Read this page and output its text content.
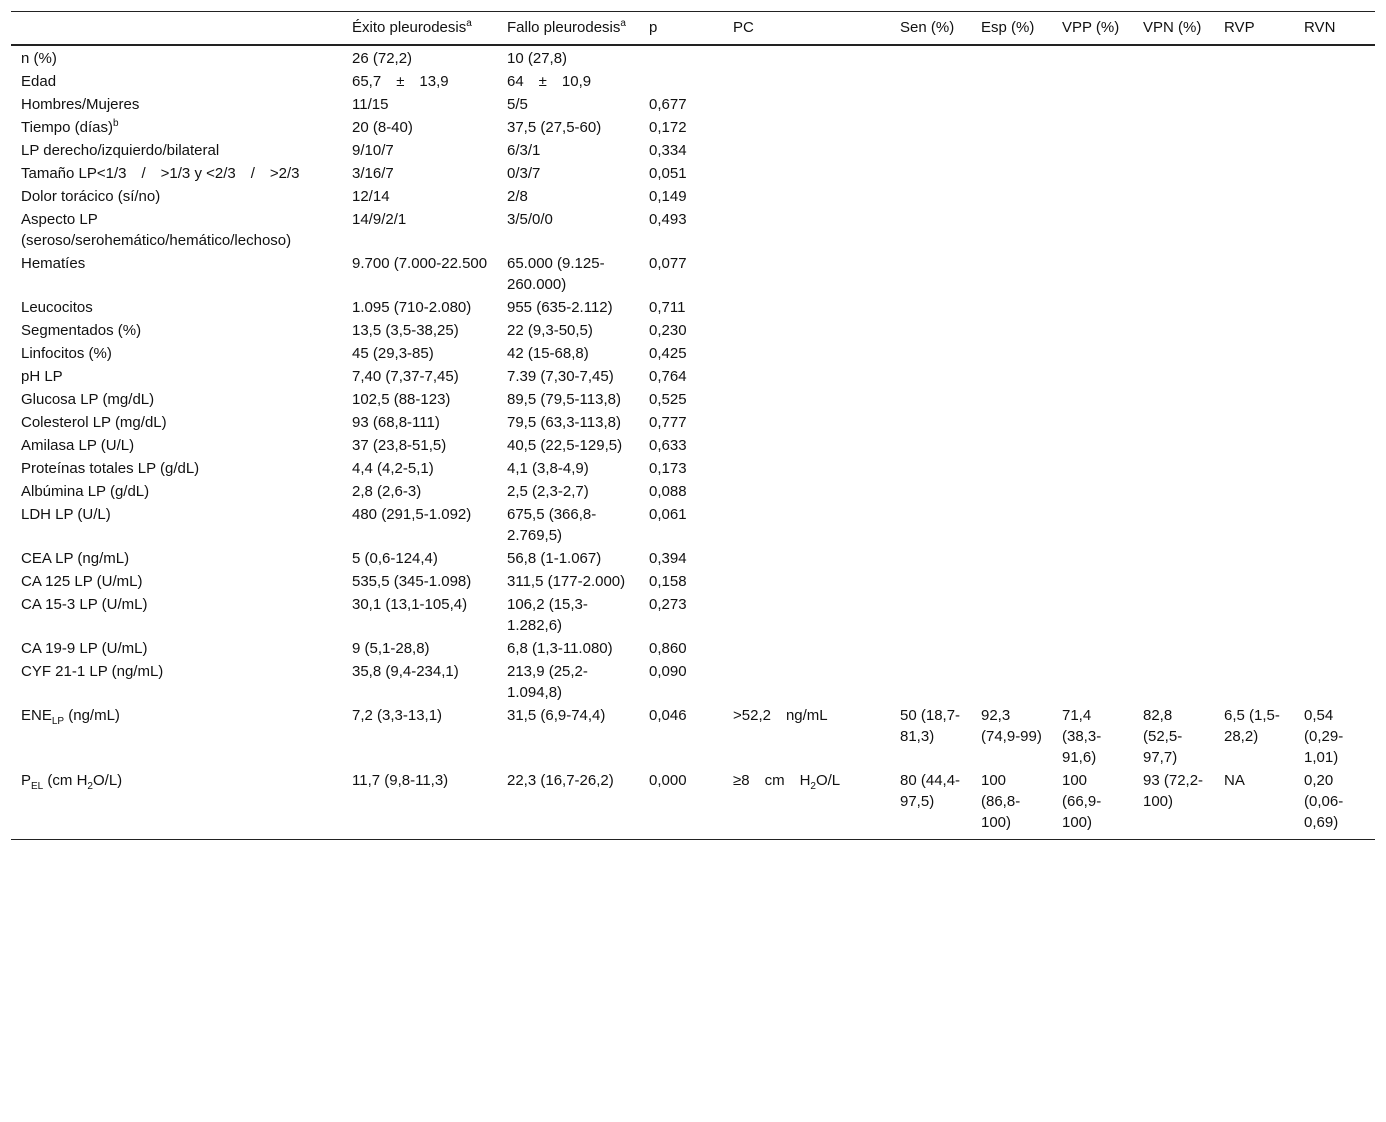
	Éxito pleurodesis$^a$	Fallo pleurodesis$^a$	p	PC	Sen (%)	Esp (%)	VPP (%)	VPN (%)	RVP	RVN
n (%)	26 (72,2)	10 (27,8)								
Edad	65,7 ± 13,9	64 ± 10,9								
Hombres/Mujeres	11/15	5/5	0,677							
Tiempo (días)$^b$	20 (8-40)	37,5 (27,5-60)	0,172							
LP derecho/izquierdo/bilateral	9/10/7	6/3/1	0,334							
Tamaño LP<1/3 / >1/3 y <2/3 / >2/3	3/16/7	0/3/7	0,051							
Dolor torácico (sí/no)	12/14	2/8	0,149							
Aspecto LP (seroso/serohemático/hemático/lechoso)	14/9/2/1	3/5/0/0	0,493							
Hematíes	9.700 (7.000-22.500	65.000 (9.125-260.000)	0,077							
Leucocitos	1.095 (710-2.080)	955 (635-2.112)	0,711							
Segmentados (%)	13,5 (3,5-38,25)	22 (9,3-50,5)	0,230							
Linfocitos (%)	45 (29,3-85)	42 (15-68,8)	0,425							
pH LP	7,40 (7,37-7,45)	7.39 (7,30-7,45)	0,764							
Glucosa LP (mg/dL)	102,5 (88-123)	89,5 (79,5-113,8)	0,525							
Colesterol LP (mg/dL)	93 (68,8-111)	79,5 (63,3-113,8)	0,777							
Amilasa LP (U/L)	37 (23,8-51,5)	40,5 (22,5-129,5)	0,633							
Proteínas totales LP (g/dL)	4,4 (4,2-5,1)	4,1 (3,8-4,9)	0,173							
Albúmina LP (g/dL)	2,8 (2,6-3)	2,5 (2,3-2,7)	0,088							
LDH LP (U/L)	480 (291,5-1.092)	675,5 (366,8-2.769,5)	0,061							
CEA LP (ng/mL)	5 (0,6-124,4)	56,8 (1-1.067)	0,394							
CA 125 LP (U/mL)	535,5 (345-1.098)	311,5 (177-2.000)	0,158							
CA 15-3 LP (U/mL)	30,1 (13,1-105,4)	106,2 (15,3-1.282,6)	0,273							
CA 19-9 LP (U/mL)	9 (5,1-28,8)	6,8 (1,3-11.080)	0,860							
CYF 21-1 LP (ng/mL)	35,8 (9,4-234,1)	213,9 (25,2-1.094,8)	0,090							
$ENE_{LP}$ (ng/mL)	7,2 (3,3-13,1)	31,5 (6,9-74,4)	0,046	>52,2 ng/mL	50 (18,7-81,3)	92,3 (74,9-99)	71,4 (38,3-91,6)	82,8 (52,5-97,7)	6,5 (1,5-28,2)	0,54 (0,29-1,01)
$P_{EL}$ (cm $H_2O/L$)	11,7 (9,8-11,3)	22,3 (16,7-26,2)	0,000	≥8 cm $H_2O/L$	80 (44,4-97,5)	100 (86,8-100)	100 (66,9-100)	93 (72,2-100)	NA	0,20 (0,06-0,69)
